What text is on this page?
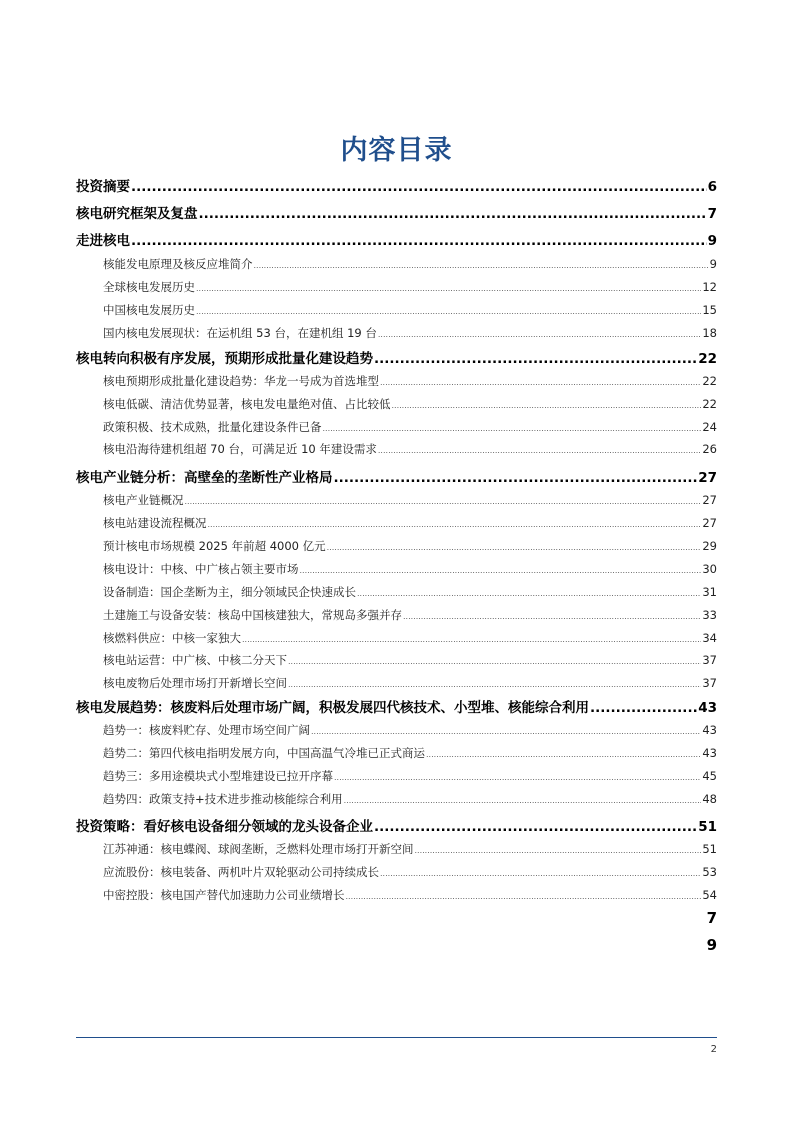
内容目录
投资摘要 .....	6
核电研究框架及复盘 .....	7
走进核电 .....	9
核能发电原理及核反应堆简介 .....	9
全球核电发展历史 .....	12
中国核电发展历史 .....	15
国内核电发展现状：在运机组 53 台，在建机组 19 台 .....	18
核电转向积极有序发展，预期形成批量化建设趋势 .....	22
核电预期形成批量化建设趋势：华龙一号成为首选堆型 .....	22
核电低碳、清洁优势显著，核电发电量绝对值、占比较低 .....	22
政策积极、技术成熟，批量化建设条件已备 .....	24
核电沿海待建机组超 70 台，可满足近 10 年建设需求 .....	26
核电产业链分析：高壁垒的垄断性产业格局 .....	27
核电产业链概况 .....	27
核电站建设流程概况 .....	27
预计核电市场规模 2025 年前超 4000 亿元 .....	29
核电设计：中核、中广核占领主要市场 .....	30
设备制造：国企垄断为主，细分领域民企快速成长 .....	31
土建施工与设备安装：核岛中国核建独大，常规岛多强并存 .....	33
核燃料供应：中核一家独大 .....	34
核电站运营：中广核、中核二分天下 .....	37
核电废物后处理市场打开新增长空间 .....	37
核电发展趋势：核废料后处理市场广阔，积极发展四代核技术、小型堆、核能综合利用 .....	43
趋势一：核废料贮存、处理市场空间广阔 .....	43
趋势二：第四代核电指明发展方向，中国高温气冷堆已正式商运 .....	43
趋势三：多用途模块式小型堆建设已拉开序幕 .....	45
趋势四：政策支持+技术进步推动核能综合利用 .....	48
投资策略：看好核电设备细分领域的龙头设备企业 .....	51
江苏神通：核电蝶阀、球阀垄断，乏燃料处理市场打开新空间 .....	51
应流股份：核电装备、两机叶片双轮驱动公司持续成长 .....	53
中密控股：核电国产替代加速助力公司业绩增长 .....	54
7
9
2
